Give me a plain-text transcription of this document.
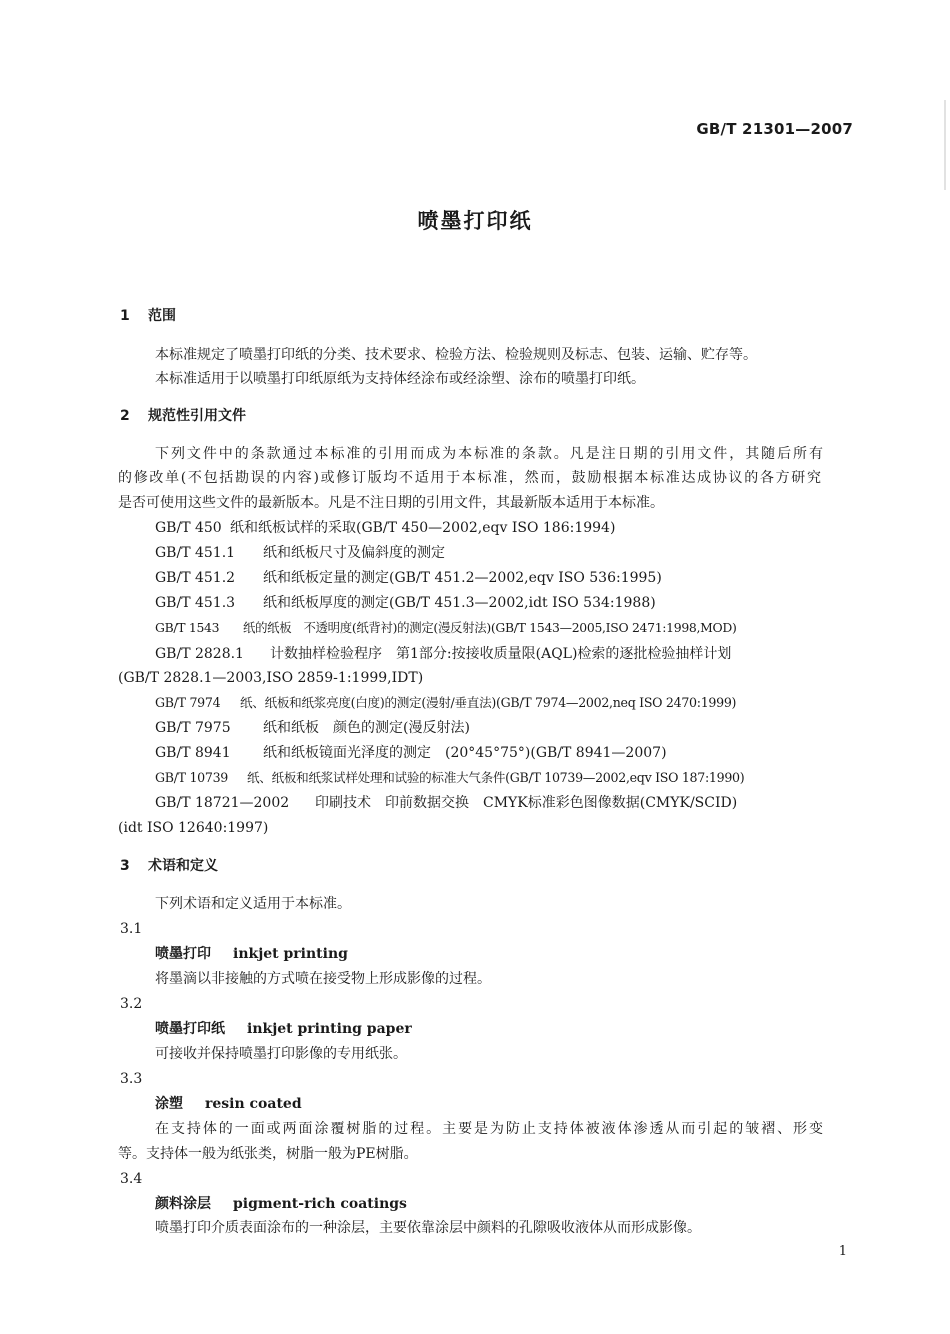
GB/T 21301—2007
喷墨打印纸
1 范围
本标准规定了喷墨打印纸的分类、技术要求、检验方法、检验规则及标志、包装、运输、贮存等。
本标准适用于以喷墨打印纸原纸为支持体经涂布或经涂塑、涂布的喷墨打印纸。
2 规范性引用文件
下列文件中的条款通过本标准的引用而成为本标准的条款。凡是注日期的引用文件，其随后所有
的修改单(不包括勘误的内容)或修订版均不适用于本标准，然而，鼓励根据本标准达成协议的各方研究
是否可使用这些文件的最新版本。凡是不注日期的引用文件，其最新版本适用于本标准。
GB/T 450 纸和纸板试样的采取(GB/T 450—2002,eqv ISO 186:1994)
GB/T 451.1 纸和纸板尺寸及偏斜度的测定
GB/T 451.2 纸和纸板定量的测定(GB/T 451.2—2002,eqv ISO 536:1995)
GB/T 451.3 纸和纸板厚度的测定(GB/T 451.3—2002,idt ISO 534:1988)
GB/T 1543 纸的纸板　不透明度(纸背衬)的测定(漫反射法)(GB/T 1543—2005,ISO 2471:1998,MOD)
GB/T 2828.1 计数抽样检验程序　第1部分:按接收质量限(AQL)检索的逐批检验抽样计划
(GB/T 2828.1—2003,ISO 2859-1:1999,IDT)
GB/T 7974 纸、纸板和纸浆亮度(白度)的测定(漫射/垂直法)(GB/T 7974—2002,neq ISO 2470:1999)
GB/T 7975 纸和纸板　颜色的测定(漫反射法)
GB/T 8941 纸和纸板镜面光泽度的测定　(20°45°75°)(GB/T 8941—2007)
GB/T 10739 纸、纸板和纸浆试样处理和试验的标准大气条件(GB/T 10739—2002,eqv ISO 187:1990)
GB/T 18721—2002 印刷技术　印前数据交换　CMYK标准彩色图像数据(CMYK/SCID)
(idt ISO 12640:1997)
3 术语和定义
下列术语和定义适用于本标准。
3.1
喷墨打印 inkjet printing
将墨滴以非接触的方式喷在接受物上形成影像的过程。
3.2
喷墨打印纸 inkjet printing paper
可接收并保持喷墨打印影像的专用纸张。
3.3
涂塑 resin coated
在支持体的一面或两面涂覆树脂的过程。主要是为防止支持体被液体渗透从而引起的皱褶、形变
等。支持体一般为纸张类，树脂一般为PE树脂。
3.4
颜料涂层 pigment-rich coatings
喷墨打印介质表面涂布的一种涂层，主要依靠涂层中颜料的孔隙吸收液体从而形成影像。
1
